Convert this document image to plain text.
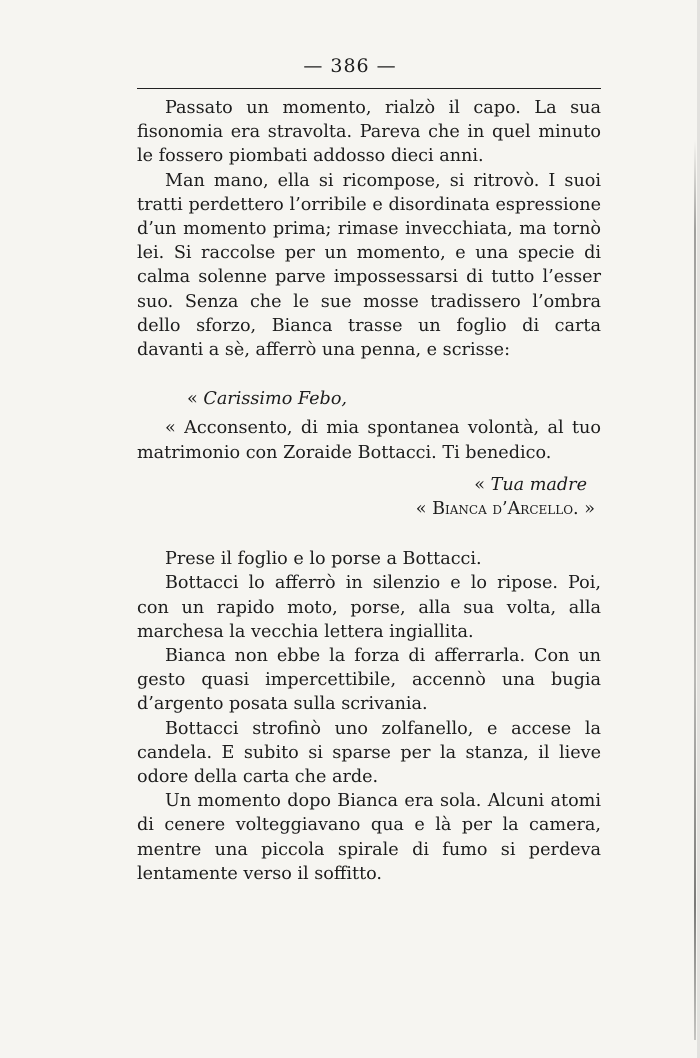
— 386 —

Passato un momento, rialzò il capo. La sua fisonomia era stravolta. Pareva che in quel minuto le fossero piombati addosso dieci anni.

Man mano, ella si ricompose, si ritrovò. I suoi tratti perdettero l’orribile e disordinata espressione d’un momento prima; rimase invecchiata, ma tornò lei. Si raccolse per un momento, e una specie di calma solenne parve impossessarsi di tutto l’esser suo. Senza che le sue mosse tradissero l’ombra dello sforzo, Bianca trasse un foglio di carta davanti a sè, afferrò una penna, e scrisse:

« Carissimo Febo,

« Acconsento, di mia spontanea volontà, al tuo matrimonio con Zoraide Bottacci. Ti benedico.

« Tua madre

« Bianca d’Arcello. »

Prese il foglio e lo porse a Bottacci.

Bottacci lo afferrò in silenzio e lo ripose. Poi, con un rapido moto, porse, alla sua volta, alla marchesa la vecchia lettera ingiallita.

Bianca non ebbe la forza di afferrarla. Con un gesto quasi impercettibile, accennò una bugia d’argento posata sulla scrivania.

Bottacci strofinò uno zolfanello, e accese la candela. E subito si sparse per la stanza, il lieve odore della carta che arde.

Un momento dopo Bianca era sola. Alcuni atomi di cenere volteggiavano qua e là per la camera, mentre una piccola spirale di fumo si perdeva lentamente verso il soffitto.
